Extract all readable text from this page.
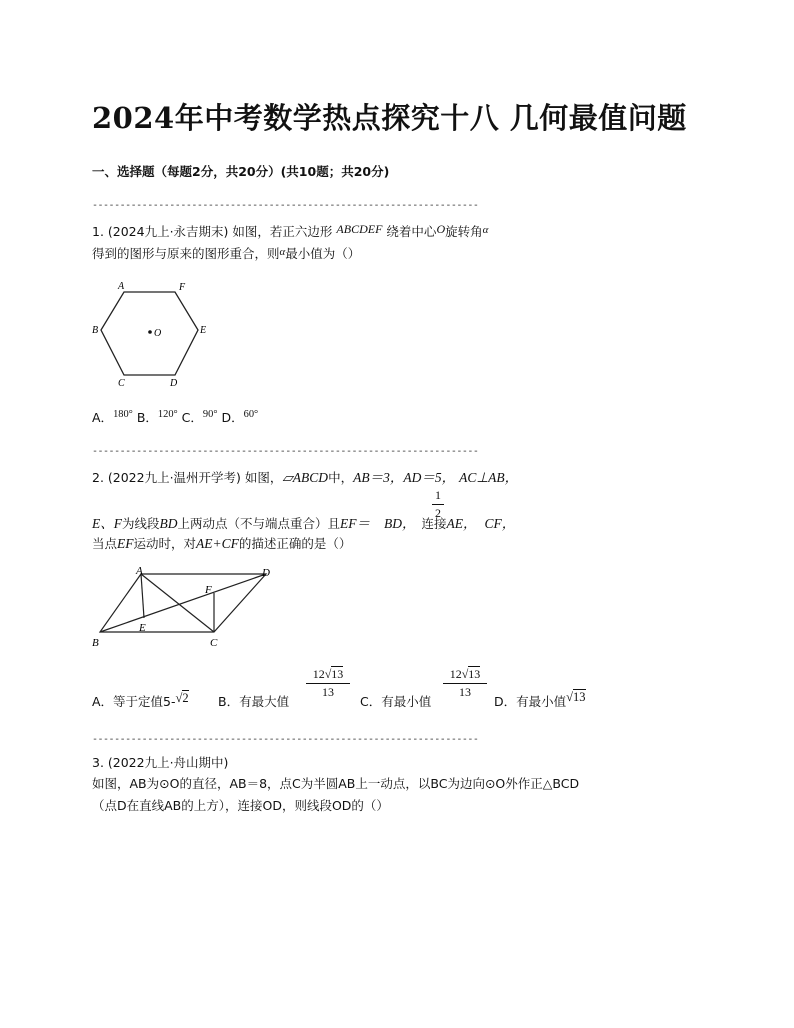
2024年中考数学热点探究十八 几何最值问题
一、选择题（每题2分，共20分）(共10题；共20分)
----------------------------------------------------------------------
1. (2024九上·永吉期末) 如图，若正六边形 ABCDEF 绕着中心O旋转角α
得到的图形与原来的图形重合，则α最小值为（）
A	F
B	O	E
C	D
A．$^{180^\circ}$ B．$^{120^\circ}$ C．$^{90^\circ}$ D．$^{60^\circ}$
----------------------------------------------------------------------
2. (2022九上·温州开学考) 如图，▱ABCD中，AB＝3，AD＝5， AC⊥AB，
E、F为线段BD上两动点（不与端点重合）且EF＝ BD， 连接AE， CF，
1
2
当点EF运动时，对AE+CF的描述正确的是（）
A	D
F
E
B	C
A．等于定值5-√2 B．有最大值
12√13
13
C．有最小值
12√13
13
D．有最小值√13
----------------------------------------------------------------------
3. (2022九上·舟山期中)
如图，AB为⊙O的直径，AB＝8，点C为半圆AB上一动点，以BC为边向⊙O外作正△BCD
（点D在直线AB的上方），连接OD，则线段OD的（）
